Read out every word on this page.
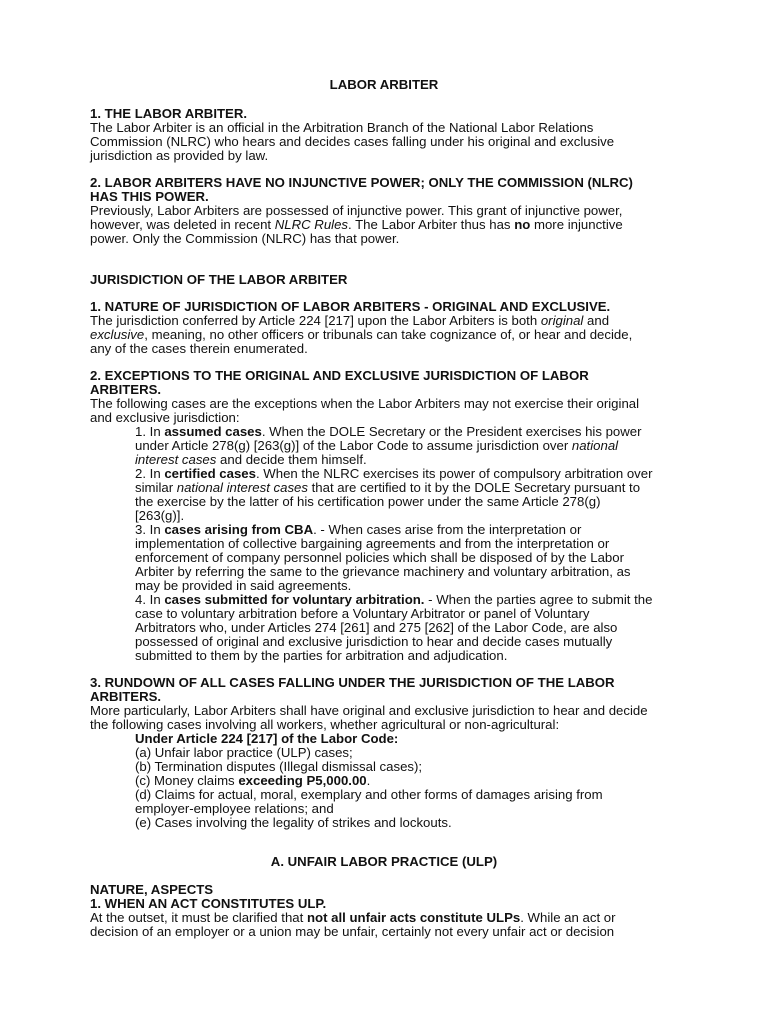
LABOR ARBITER
1. THE LABOR ARBITER.
The Labor Arbiter is an official in the Arbitration Branch of the National Labor Relations
Commission (NLRC) who hears and decides cases falling under his original and exclusive
jurisdiction as provided by law.
2. LABOR ARBITERS HAVE NO INJUNCTIVE POWER; ONLY THE COMMISSION (NLRC)
HAS THIS POWER.
Previously, Labor Arbiters are possessed of injunctive power. This grant of injunctive power,
however, was deleted in recent NLRC Rules. The Labor Arbiter thus has no more injunctive
power. Only the Commission (NLRC) has that power.
JURISDICTION OF THE LABOR ARBITER
1. NATURE OF JURISDICTION OF LABOR ARBITERS - ORIGINAL AND EXCLUSIVE.
The jurisdiction conferred by Article 224 [217] upon the Labor Arbiters is both original and
exclusive, meaning, no other officers or tribunals can take cognizance of, or hear and decide,
any of the cases therein enumerated.
2. EXCEPTIONS TO THE ORIGINAL AND EXCLUSIVE JURISDICTION OF LABOR
ARBITERS.
The following cases are the exceptions when the Labor Arbiters may not exercise their original
and exclusive jurisdiction:
1. In assumed cases. When the DOLE Secretary or the President exercises his power
under Article 278(g) [263(g)] of the Labor Code to assume jurisdiction over national
interest cases and decide them himself.
2. In certified cases. When the NLRC exercises its power of compulsory arbitration over
similar national interest cases that are certified to it by the DOLE Secretary pursuant to
the exercise by the latter of his certification power under the same Article 278(g)
[263(g)].
3. In cases arising from CBA. - When cases arise from the interpretation or
implementation of collective bargaining agreements and from the interpretation or
enforcement of company personnel policies which shall be disposed of by the Labor
Arbiter by referring the same to the grievance machinery and voluntary arbitration, as
may be provided in said agreements.
4. In cases submitted for voluntary arbitration. - When the parties agree to submit the
case to voluntary arbitration before a Voluntary Arbitrator or panel of Voluntary
Arbitrators who, under Articles 274 [261] and 275 [262] of the Labor Code, are also
possessed of original and exclusive jurisdiction to hear and decide cases mutually
submitted to them by the parties for arbitration and adjudication.
3. RUNDOWN OF ALL CASES FALLING UNDER THE JURISDICTION OF THE LABOR
ARBITERS.
More particularly, Labor Arbiters shall have original and exclusive jurisdiction to hear and decide
the following cases involving all workers, whether agricultural or non-agricultural:
Under Article 224 [217] of the Labor Code:
(a) Unfair labor practice (ULP) cases;
(b) Termination disputes (Illegal dismissal cases);
(c) Money claims exceeding P5,000.00.
(d) Claims for actual, moral, exemplary and other forms of damages arising from
employer-employee relations; and
(e) Cases involving the legality of strikes and lockouts.
A. UNFAIR LABOR PRACTICE (ULP)
NATURE, ASPECTS
1. WHEN AN ACT CONSTITUTES ULP.
At the outset, it must be clarified that not all unfair acts constitute ULPs. While an act or
decision of an employer or a union may be unfair, certainly not every unfair act or decision
